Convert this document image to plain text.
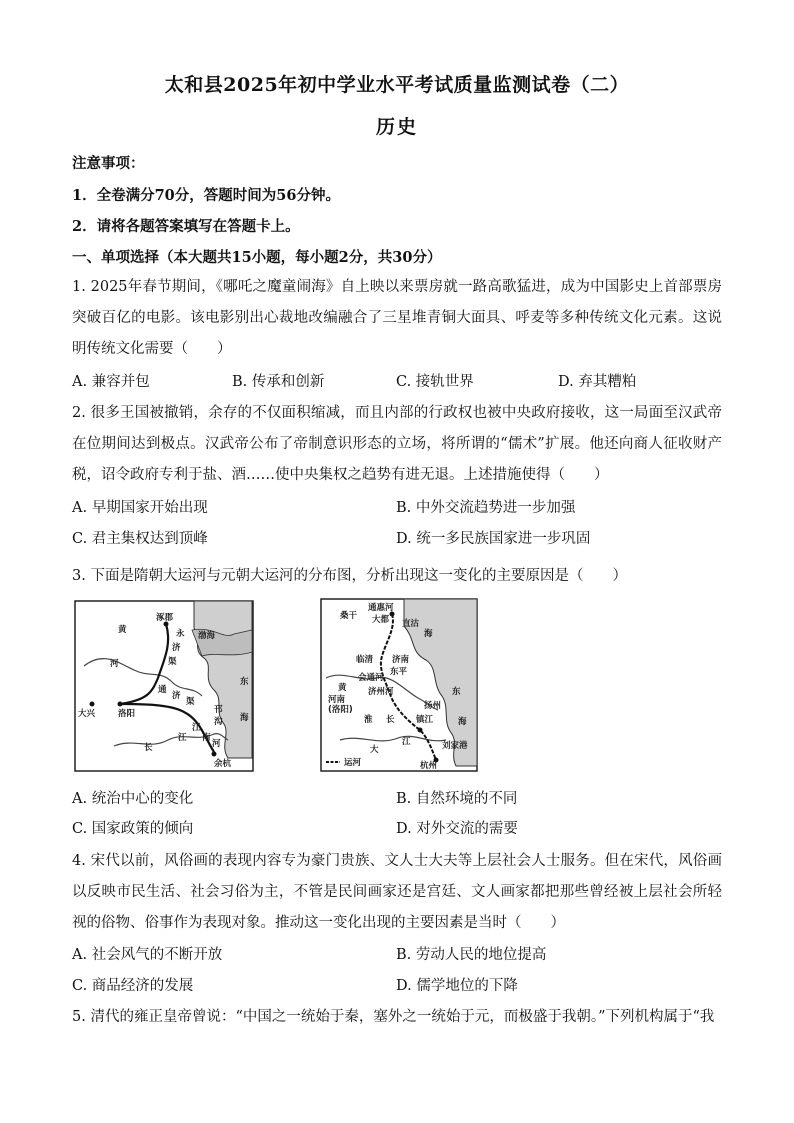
太和县2025年初中学业水平考试质量监测试卷（二）
历史
注意事项：
1．全卷满分70分，答题时间为56分钟。
2．请将各题答案填写在答题卡上。
一、单项选择（本大题共15小题，每小题2分，共30分）
1. 2025年春节期间，《哪吒之魔童闹海》自上映以来票房就一路高歌猛进，成为中国影史上首部票房突破百亿的电影。该电影别出心裁地改编融合了三星堆青铜大面具、呼麦等多种传统文化元素。这说明传统文化需要（　　）
A. 兼容并包	B. 传承和创新	C. 接轨世界	D. 弃其糟粕
2. 很多王国被撤销，余存的不仅面积缩减，而且内部的行政权也被中央政府接收，这一局面至汉武帝在位期间达到极点。汉武帝公布了帝制意识形态的立场，将所谓的“儒术”扩展。他还向商人征收财产税，诏令政府专利于盐、酒……使中央集权之趋势有进无退。上述措施使得（　　）
A. 早期国家开始出现	B. 中外交流趋势进一步加强
C. 君主集权达到顶峰	D. 统一多民族国家进一步巩固
3. 下面是隋朝大运河与元朝大运河的分布图，分析出现这一变化的主要原因是（　　）
涿郡
渤海
黄
河
永
济
渠
通
济
渠
大兴	洛阳	邗
沟
东
海
长
江
江
南
河
余杭
通惠河
大都
桑干
直沽
海
临清 济南
东平
会通河
济州河
黄
河南
(洛阳)
淮
东
海
长
江
镇江
扬州
大
杭州
刘家港
运河
A. 统治中心的变化	B. 自然环境的不同
C. 国家政策的倾向	D. 对外交流的需要
4. 宋代以前，风俗画的表现内容专为豪门贵族、文人士大夫等上层社会人士服务。但在宋代，风俗画以反映市民生活、社会习俗为主，不管是民间画家还是宫廷、文人画家都把那些曾经被上层社会所轻视的俗物、俗事作为表现对象。推动这一变化出现的主要因素是当时（　　）
A. 社会风气的不断开放	B. 劳动人民的地位提高
C. 商品经济的发展	D. 儒学地位的下降
5. 清代的雍正皇帝曾说：“中国之一统始于秦，塞外之一统始于元，而极盛于我朝。”下列机构属于“我
